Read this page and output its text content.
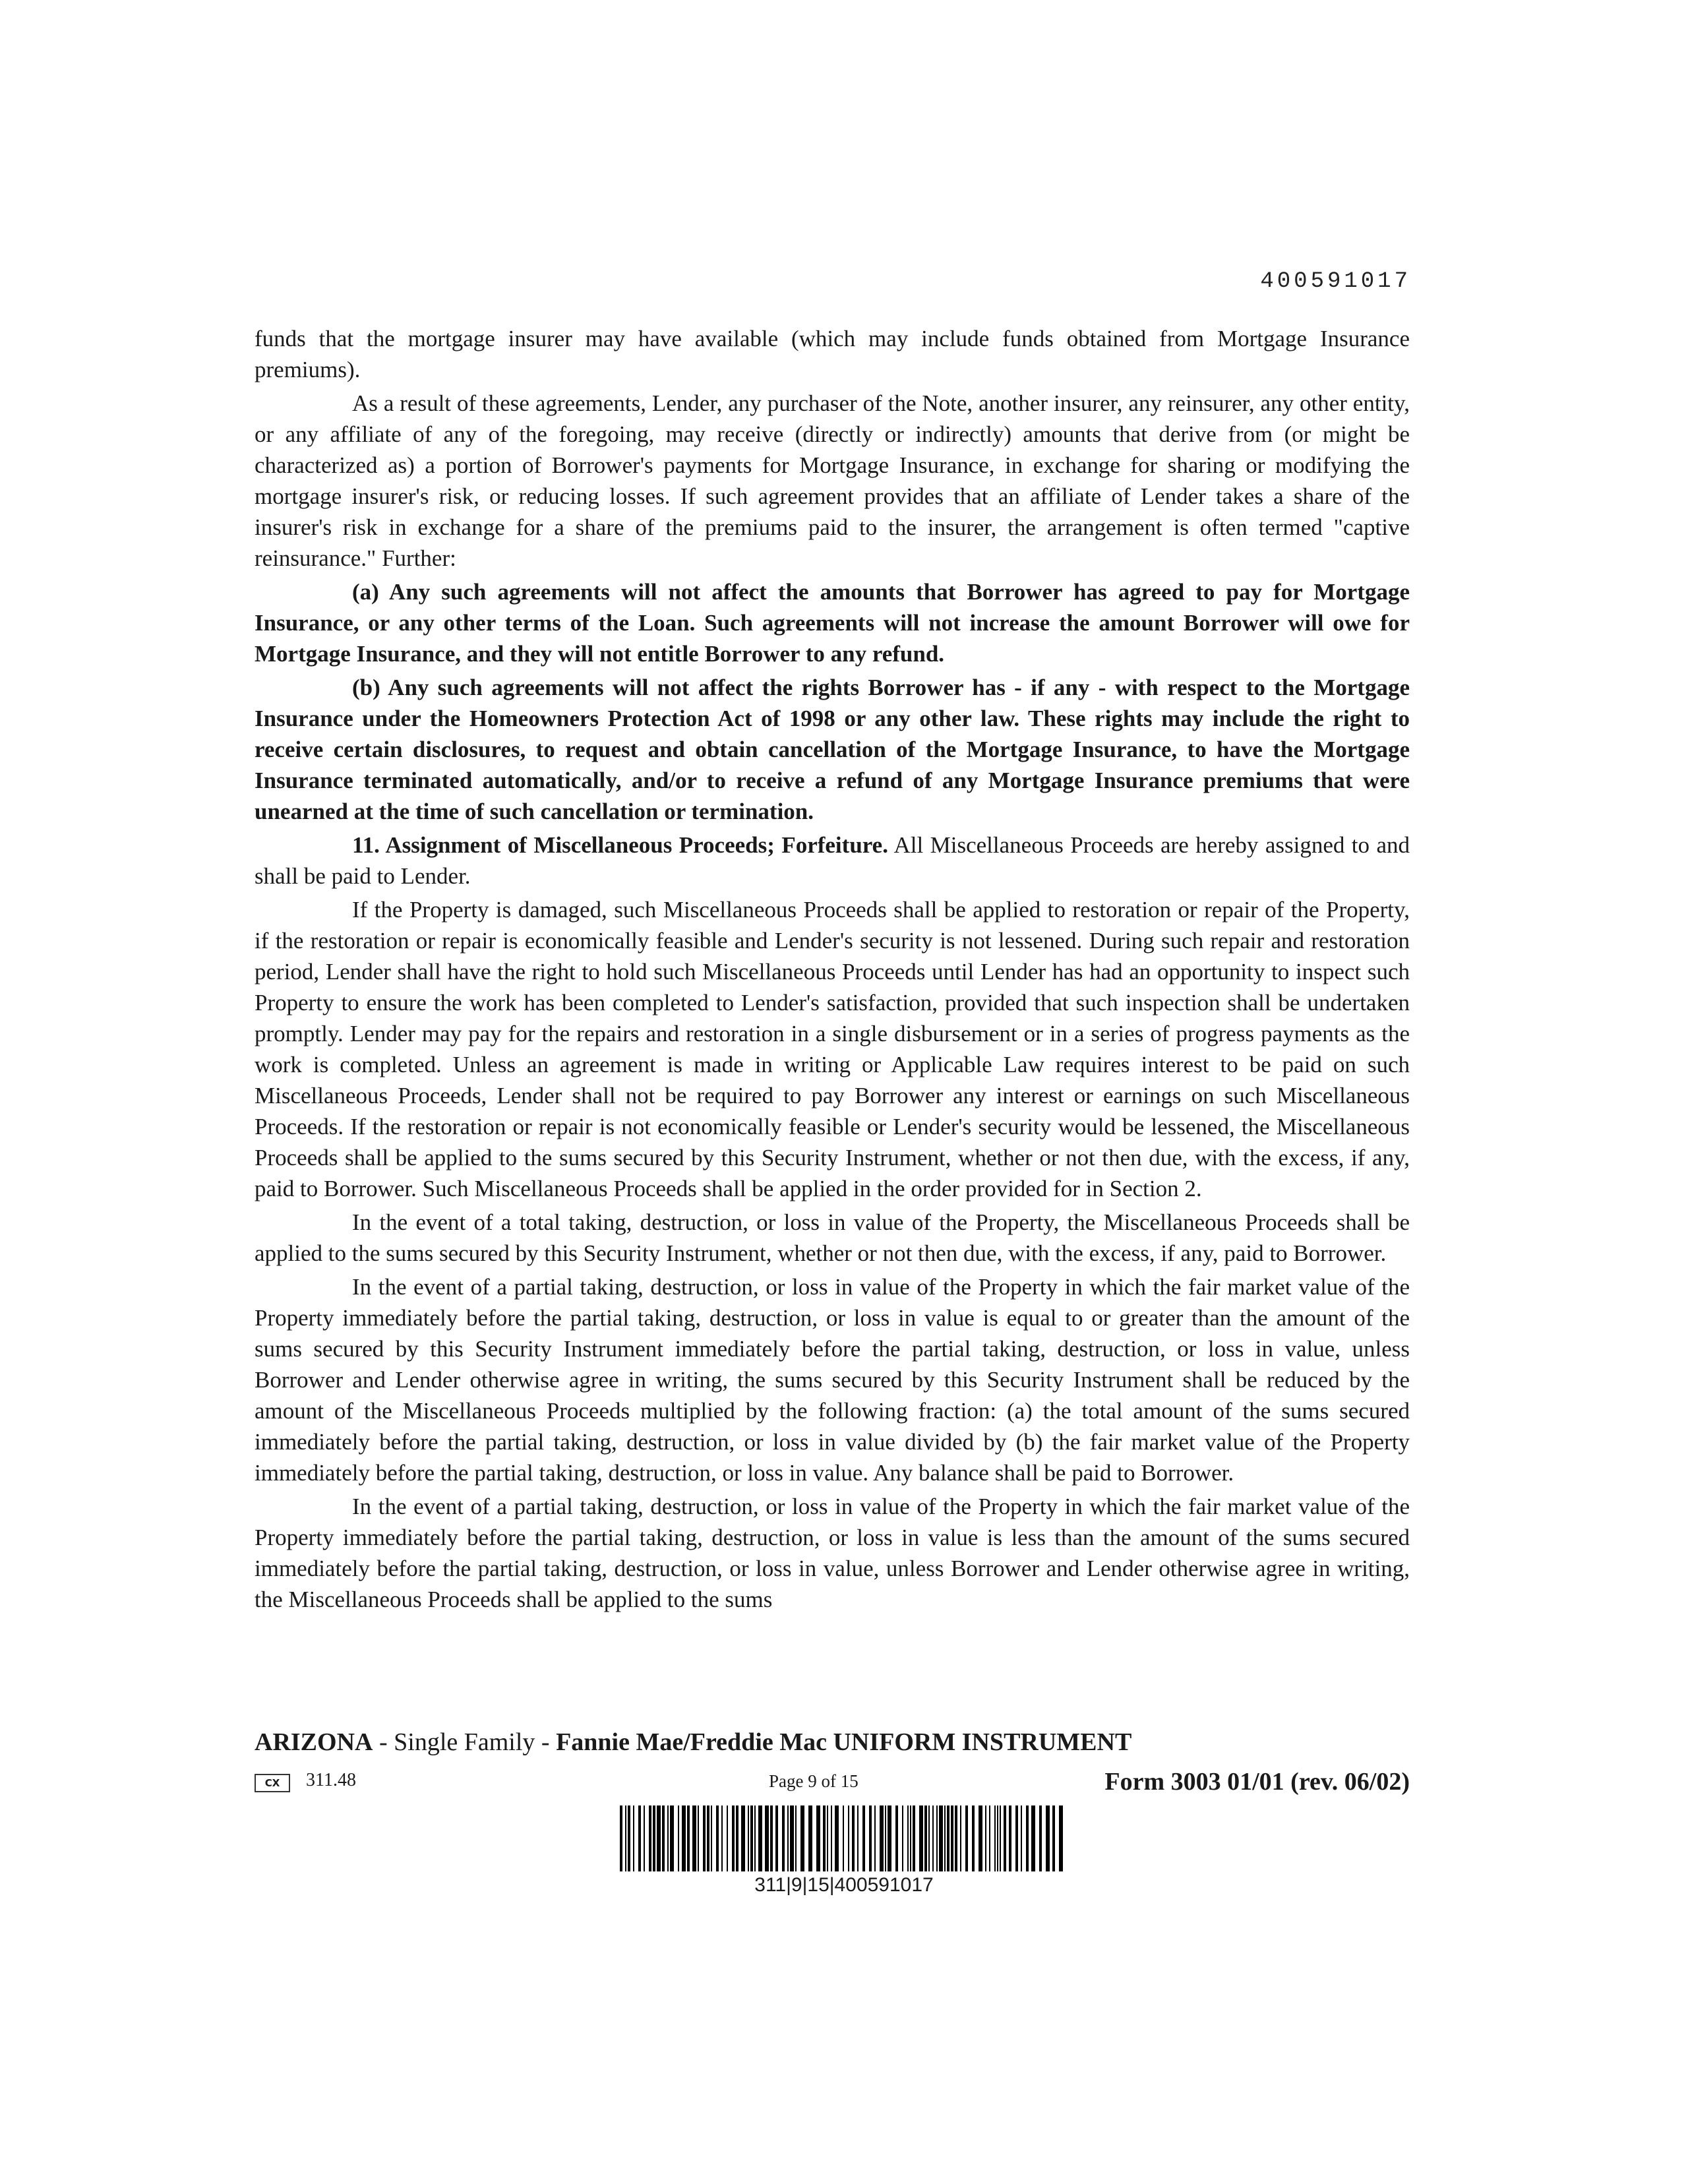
400591017

funds that the mortgage insurer may have available (which may include funds obtained from Mortgage Insurance premiums).

As a result of these agreements, Lender, any purchaser of the Note, another insurer, any reinsurer, any other entity, or any affiliate of any of the foregoing, may receive (directly or indirectly) amounts that derive from (or might be characterized as) a portion of Borrower's payments for Mortgage Insurance, in exchange for sharing or modifying the mortgage insurer's risk, or reducing losses. If such agreement provides that an affiliate of Lender takes a share of the insurer's risk in exchange for a share of the premiums paid to the insurer, the arrangement is often termed "captive reinsurance." Further:

(a) Any such agreements will not affect the amounts that Borrower has agreed to pay for Mortgage Insurance, or any other terms of the Loan. Such agreements will not increase the amount Borrower will owe for Mortgage Insurance, and they will not entitle Borrower to any refund.

(b) Any such agreements will not affect the rights Borrower has - if any - with respect to the Mortgage Insurance under the Homeowners Protection Act of 1998 or any other law. These rights may include the right to receive certain disclosures, to request and obtain cancellation of the Mortgage Insurance, to have the Mortgage Insurance terminated automatically, and/or to receive a refund of any Mortgage Insurance premiums that were unearned at the time of such cancellation or termination.

11. Assignment of Miscellaneous Proceeds; Forfeiture. All Miscellaneous Proceeds are hereby assigned to and shall be paid to Lender.

If the Property is damaged, such Miscellaneous Proceeds shall be applied to restoration or repair of the Property, if the restoration or repair is economically feasible and Lender's security is not lessened. During such repair and restoration period, Lender shall have the right to hold such Miscellaneous Proceeds until Lender has had an opportunity to inspect such Property to ensure the work has been completed to Lender's satisfaction, provided that such inspection shall be undertaken promptly. Lender may pay for the repairs and restoration in a single disbursement or in a series of progress payments as the work is completed. Unless an agreement is made in writing or Applicable Law requires interest to be paid on such Miscellaneous Proceeds, Lender shall not be required to pay Borrower any interest or earnings on such Miscellaneous Proceeds. If the restoration or repair is not economically feasible or Lender's security would be lessened, the Miscellaneous Proceeds shall be applied to the sums secured by this Security Instrument, whether or not then due, with the excess, if any, paid to Borrower. Such Miscellaneous Proceeds shall be applied in the order provided for in Section 2.

In the event of a total taking, destruction, or loss in value of the Property, the Miscellaneous Proceeds shall be applied to the sums secured by this Security Instrument, whether or not then due, with the excess, if any, paid to Borrower.

In the event of a partial taking, destruction, or loss in value of the Property in which the fair market value of the Property immediately before the partial taking, destruction, or loss in value is equal to or greater than the amount of the sums secured by this Security Instrument immediately before the partial taking, destruction, or loss in value, unless Borrower and Lender otherwise agree in writing, the sums secured by this Security Instrument shall be reduced by the amount of the Miscellaneous Proceeds multiplied by the following fraction: (a) the total amount of the sums secured immediately before the partial taking, destruction, or loss in value divided by (b) the fair market value of the Property immediately before the partial taking, destruction, or loss in value. Any balance shall be paid to Borrower.

In the event of a partial taking, destruction, or loss in value of the Property in which the fair market value of the Property immediately before the partial taking, destruction, or loss in value is less than the amount of the sums secured immediately before the partial taking, destruction, or loss in value, unless Borrower and Lender otherwise agree in writing, the Miscellaneous Proceeds shall be applied to the sums

ARIZONA - Single Family - Fannie Mae/Freddie Mac UNIFORM INSTRUMENT
CX	311.48	Page 9 of 15	Form 3003 01/01 (rev. 06/02)
311|9|15|400591017
